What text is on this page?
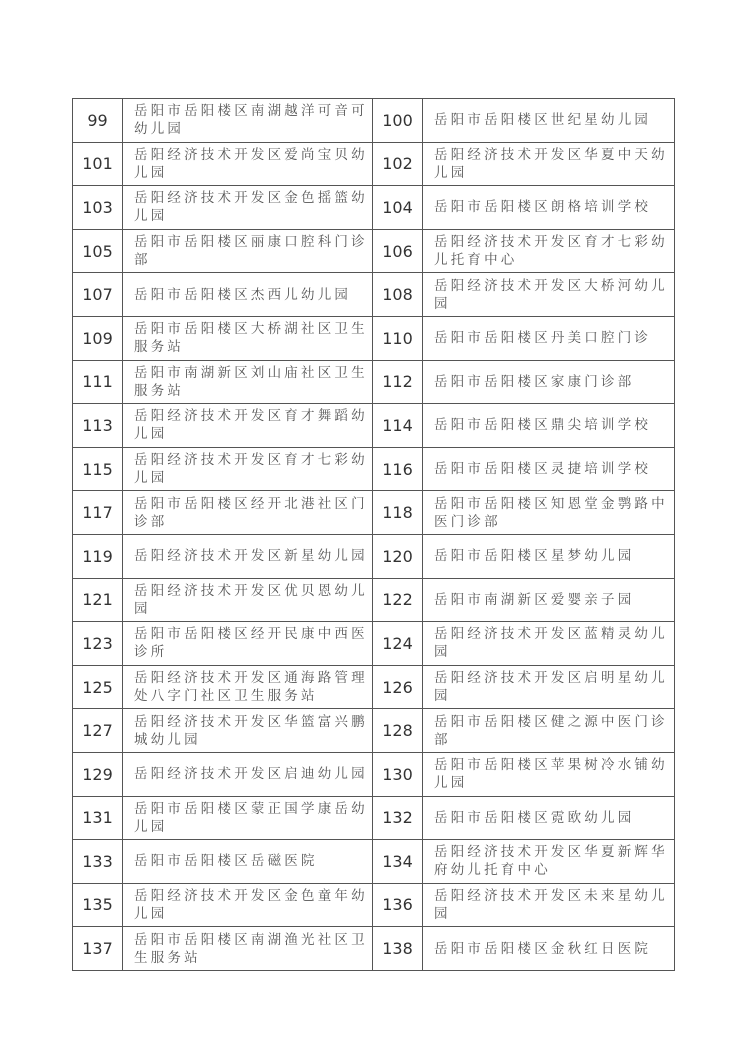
99	岳阳市岳阳楼区南湖越洋可音可幼儿园	100	岳阳市岳阳楼区世纪星幼儿园
101	岳阳经济技术开发区爱尚宝贝幼儿园	102	岳阳经济技术开发区华夏中天幼儿园
103	岳阳经济技术开发区金色摇篮幼儿园	104	岳阳市岳阳楼区朗格培训学校
105	岳阳市岳阳楼区丽康口腔科门诊部	106	岳阳经济技术开发区育才七彩幼儿托育中心
107	岳阳市岳阳楼区杰西儿幼儿园	108	岳阳经济技术开发区大桥河幼儿园
109	岳阳市岳阳楼区大桥湖社区卫生服务站	110	岳阳市岳阳楼区丹美口腔门诊
111	岳阳市南湖新区刘山庙社区卫生服务站	112	岳阳市岳阳楼区家康门诊部
113	岳阳经济技术开发区育才舞蹈幼儿园	114	岳阳市岳阳楼区鼎尖培训学校
115	岳阳经济技术开发区育才七彩幼儿园	116	岳阳市岳阳楼区灵捷培训学校
117	岳阳市岳阳楼区经开北港社区门诊部	118	岳阳市岳阳楼区知恩堂金鹗路中医门诊部
119	岳阳经济技术开发区新星幼儿园	120	岳阳市岳阳楼区星梦幼儿园
121	岳阳经济技术开发区优贝恩幼儿园	122	岳阳市南湖新区爱婴亲子园
123	岳阳市岳阳楼区经开民康中西医诊所	124	岳阳经济技术开发区蓝精灵幼儿园
125	岳阳经济技术开发区通海路管理处八字门社区卫生服务站	126	岳阳经济技术开发区启明星幼儿园
127	岳阳经济技术开发区华篮富兴鹏城幼儿园	128	岳阳市岳阳楼区健之源中医门诊部
129	岳阳经济技术开发区启迪幼儿园	130	岳阳市岳阳楼区苹果树冷水铺幼儿园
131	岳阳市岳阳楼区蒙正国学康岳幼儿园	132	岳阳市岳阳楼区霓欧幼儿园
133	岳阳市岳阳楼区岳磁医院	134	岳阳经济技术开发区华夏新辉华府幼儿托育中心
135	岳阳经济技术开发区金色童年幼儿园	136	岳阳经济技术开发区未来星幼儿园
137	岳阳市岳阳楼区南湖渔光社区卫生服务站	138	岳阳市岳阳楼区金秋红日医院
